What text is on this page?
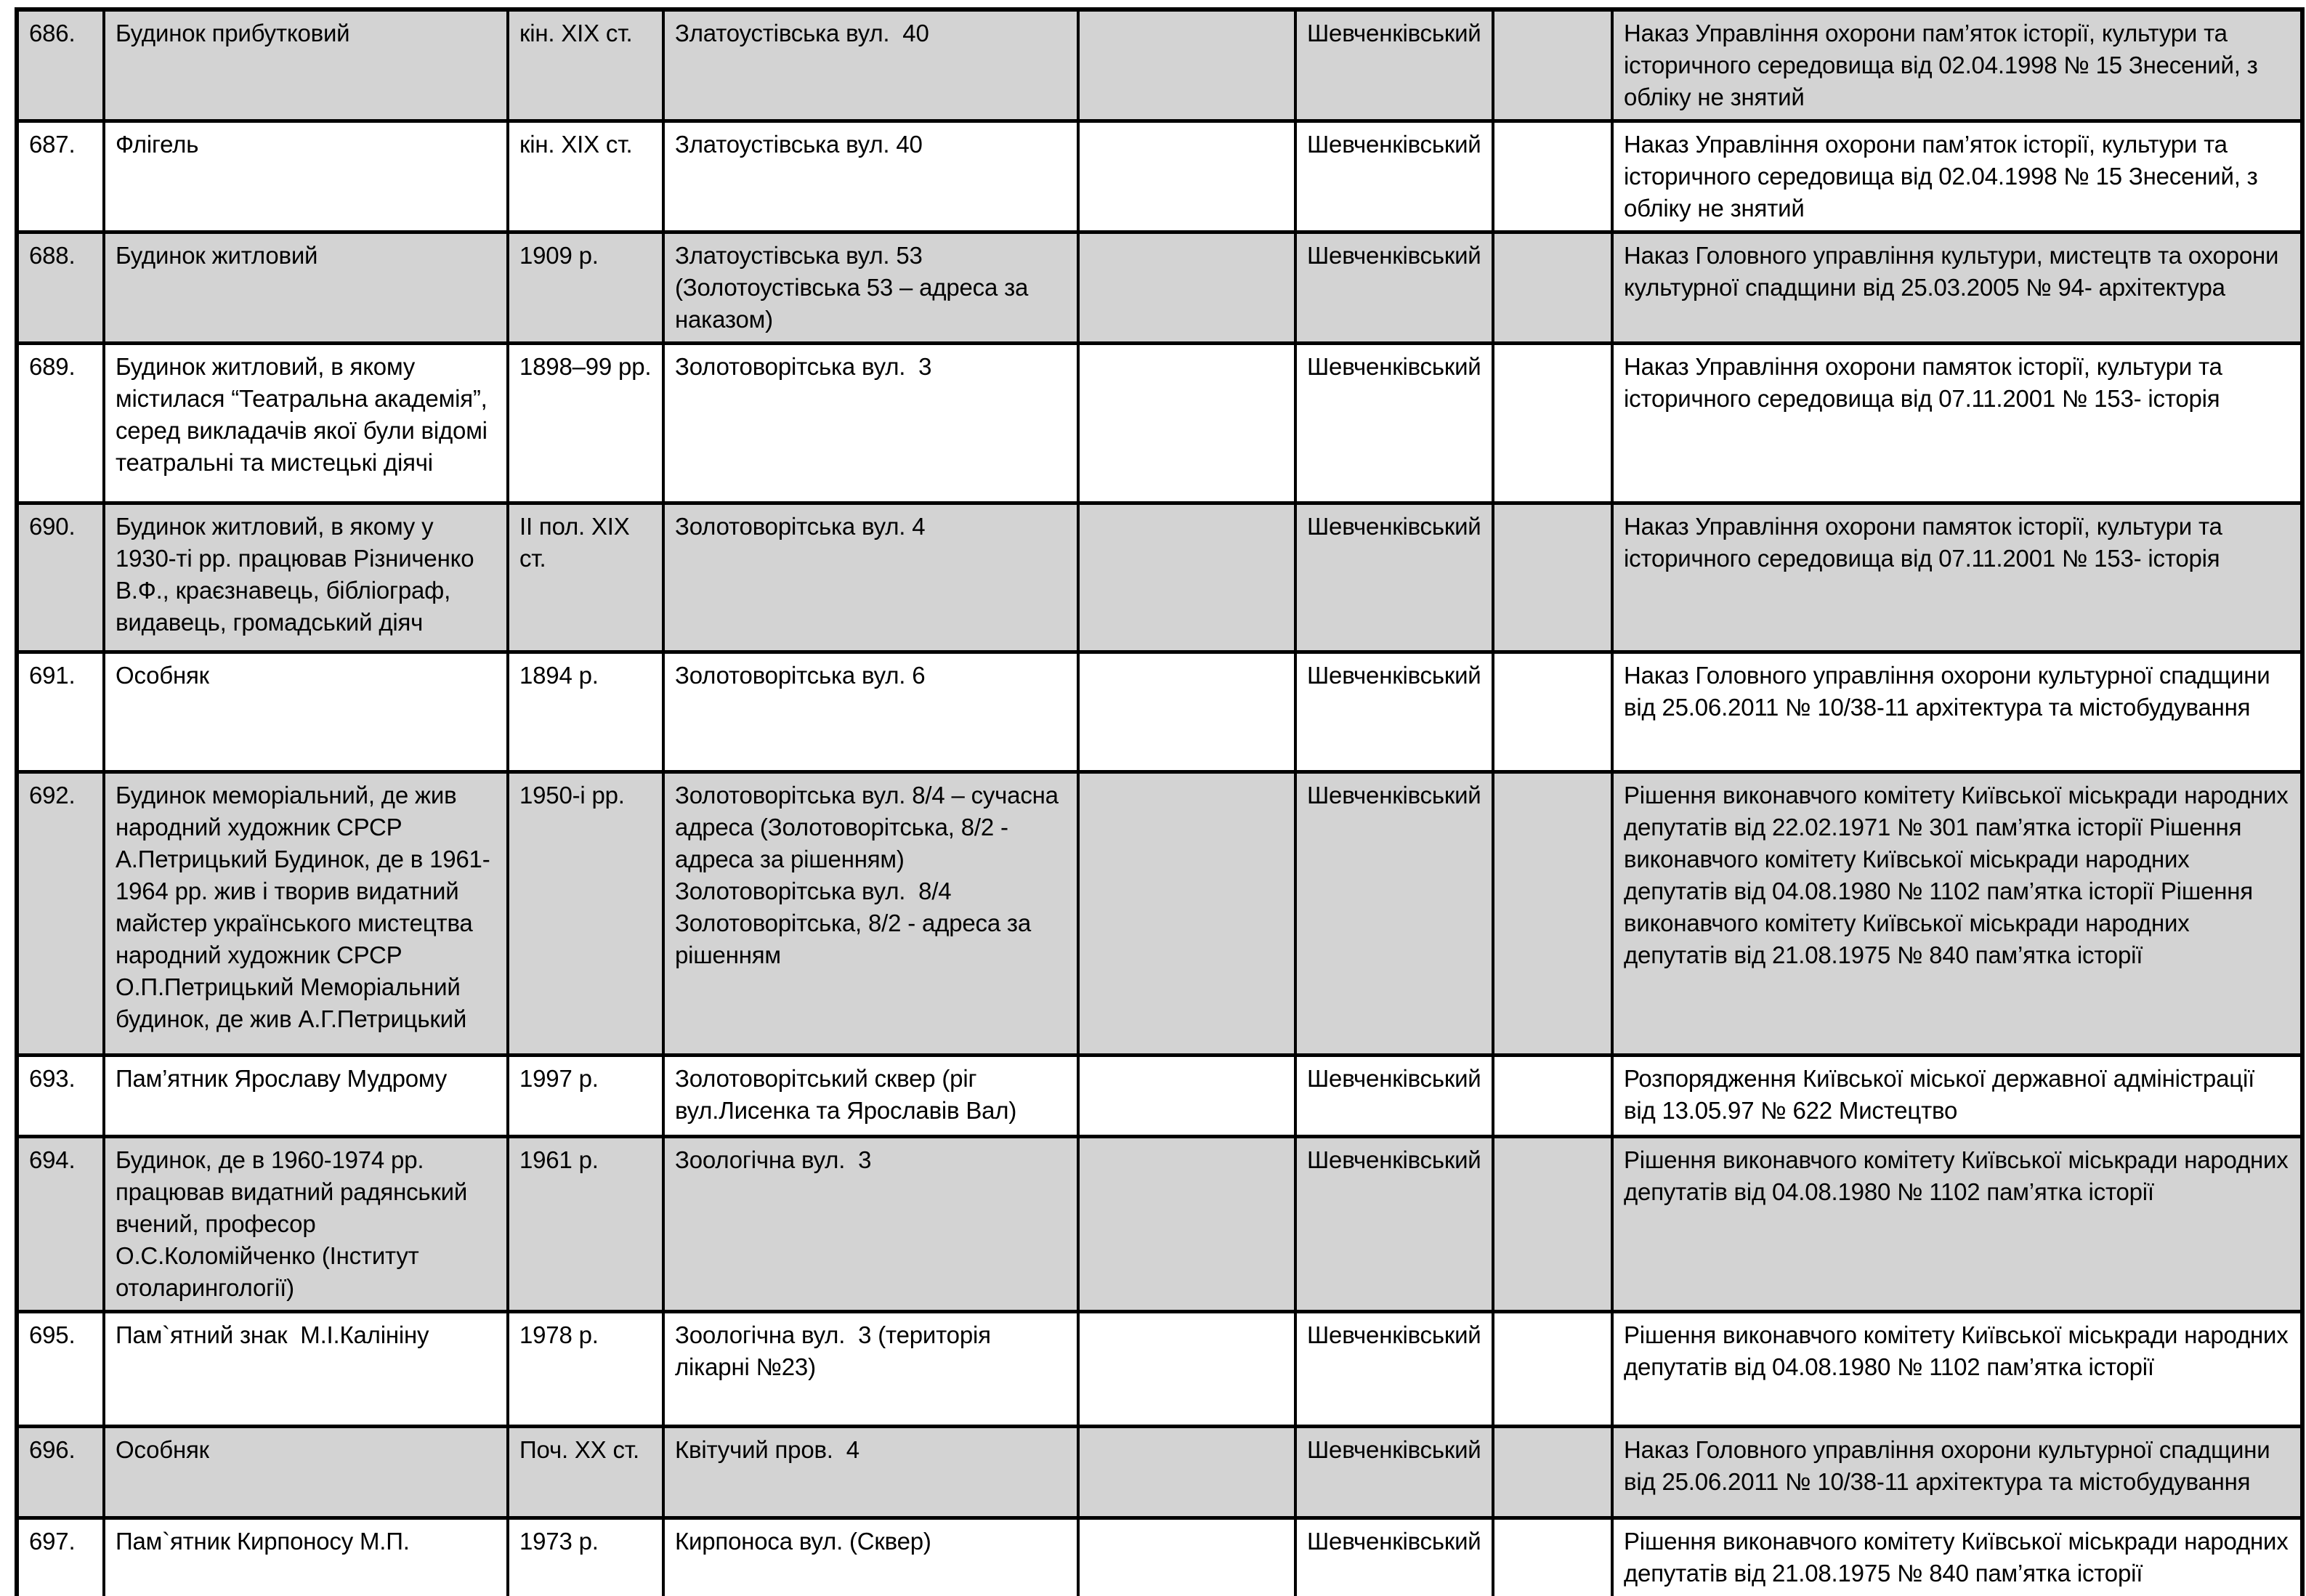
686.	Будинок прибутковий	кін. XIX ст.	Златоустівська вул.  40		Шевченківський		Наказ Управління охорони пам’яток історії, культури та історичного середовища від 02.04.1998 № 15 Знесений, з обліку не знятий
687.	Флігель	кін. XIX ст.	Златоустівська вул. 40		Шевченківський		Наказ Управління охорони пам’яток історії, культури та історичного середовища від 02.04.1998 № 15 Знесений, з обліку не знятий
688.	Будинок житловий	1909 р.	Златоустівська вул. 53 (Золотоустівська 53 – адреса за наказом)		Шевченківський		Наказ Головного управління культури, мистецтв та охорони культурної спадщини від 25.03.2005 № 94- архітектура
689.	Будинок житловий, в якому містилася “Театральна академія”, серед викладачів якої були відомі театральні та мистецькі діячі	1898–99 рр.	Золотоворітська вул.  3		Шевченківський		Наказ Управління охорони памяток історії, культури та історичного середовища від 07.11.2001 № 153- історія
690.	Будинок житловий, в якому у 1930-ті рр. працював Різниченко В.Ф., краєзнавець, бібліограф, видавець, громадський діяч	ІІ пол. XIX ст.	Золотоворітська вул. 4		Шевченківський		Наказ Управління охорони памяток історії, культури та історичного середовища від 07.11.2001 № 153- історія
691.	Особняк	1894 р.	Золотоворітська вул. 6		Шевченківський		Наказ Головного управління охорони культурної спадщини від 25.06.2011 № 10/38-11 архітектура та містобудування
692.	Будинок меморіальний, де жив народний художник СРСР А.Петрицький Будинок, де в 1961-1964 рр. жив і творив видатний майстер українського мистецтва народний художник СРСР О.П.Петрицький Меморіальний будинок, де жив А.Г.Петрицький	1950-і рр.	Золотоворітська вул. 8/4 – сучасна адреса (Золотоворітська, 8/2 - адреса за рішенням) Золотоворітська вул.  8/4 Золотоворітська, 8/2 - адреса за рішенням		Шевченківський		Рішення виконавчого комітету Київської міськради народних депутатів від 22.02.1971 № 301 пам’ятка історії Рішення виконавчого комітету Київської міськради народних депутатів від 04.08.1980 № 1102 пам’ятка історії Рішення виконавчого комітету Київської міськради народних депутатів від 21.08.1975 № 840 пам’ятка історії
693.	Пам’ятник Ярославу Мудрому	1997 р.	Золотоворітський сквер (ріг вул.Лисенка та Ярославів Вал)		Шевченківський		Розпорядження Київської міської державної адміністрації від 13.05.97 № 622 Мистецтво
694.	Будинок, де в 1960-1974 рр. працював видатний радянський вчений, професор О.С.Коломійченко (Інститут отоларингології)	1961 р.	Зоологічна вул.  3		Шевченківський		Рішення виконавчого комітету Київської міськради народних депутатів від 04.08.1980 № 1102 пам’ятка історії
695.	Пам`ятний знак  М.І.Калініну	1978 р.	Зоологічна вул.  3 (територія лікарні №23)		Шевченківський		Рішення виконавчого комітету Київської міськради народних депутатів від 04.08.1980 № 1102 пам’ятка історії
696.	Особняк	Поч. XX ст.	Квітучий пров.  4		Шевченківський		Наказ Головного управління охорони культурної спадщини від 25.06.2011 № 10/38-11 архітектура та містобудування
697.	Пам`ятник Кирпоносу М.П.	1973 р.	Кирпоноса вул. (Сквер)		Шевченківський		Рішення виконавчого комітету Київської міськради народних депутатів від 21.08.1975 № 840 пам’ятка історії
